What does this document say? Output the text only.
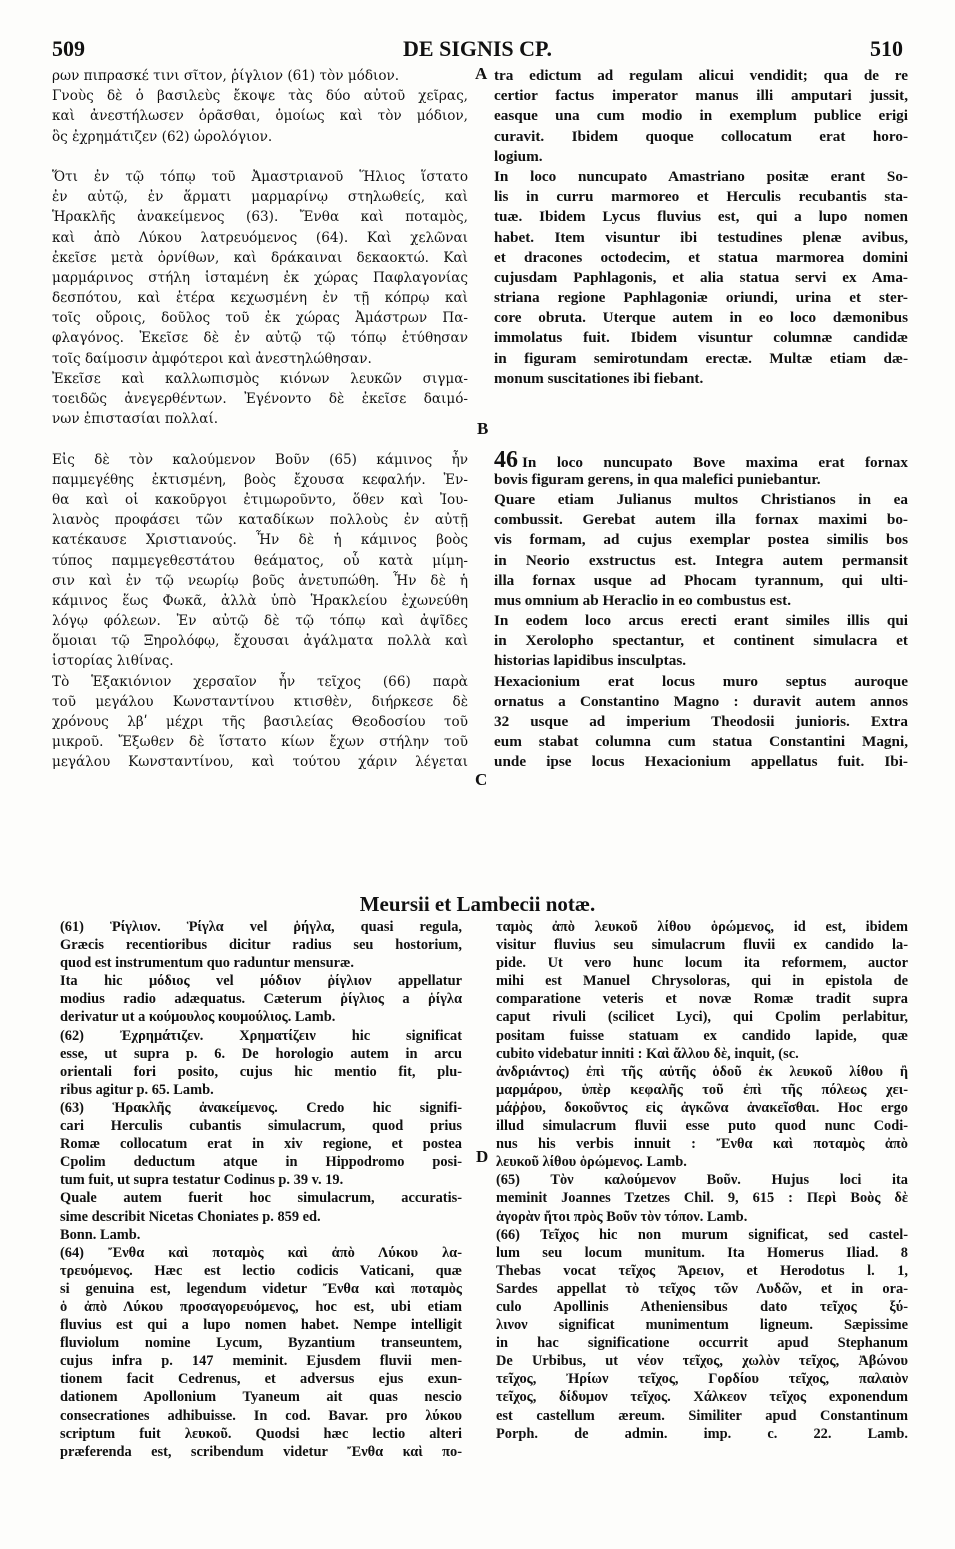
509	DE SIGNIS CP.	510
ρων πιπρασκέ τινι σῖτον, ῥίγλιον (61) τὸν μόδιον.
Γνοὺς δὲ ὁ βασιλεὺς ἔκοψε τὰς δύο αὐτοῦ χεῖρας,
καὶ ἀνεστήλωσεν ὁρᾶσθαι, ὁμοίως καὶ τὸν μόδιον,
ὃς ἐχρημάτιζεν (62) ὡρολόγιον.

Ὅτι ἐν τῷ τόπῳ τοῦ Ἀμαστριανοῦ Ἥλιος ἵστατο
ἐν αὐτῷ, ἐν ἅρματι μαρμαρίνῳ στηλωθείς, καὶ
Ἡρακλῆς ἀνακείμενος (63). Ἔνθα καὶ ποταμὸς,
καὶ ἀπὸ Λύκου λατρευόμενος (64). Καὶ χελῶναι
ἐκεῖσε μετὰ ὀρνίθων, καὶ δράκαιναι δεκαοκτώ. Καὶ
μαρμάρινος στήλη ἱσταμένη ἐκ χώρας Παφλαγονίας
δεσπότου, καὶ ἑτέρα κεχωσμένη ἐν τῇ κόπρῳ καὶ
τοῖς οὔροις, δοῦλος τοῦ ἐκ χώρας Ἀμάστρων Πα-
φλαγόνος. Ἐκεῖσε δὲ ἐν αὐτῷ τῷ τόπῳ ἐτύθησαν
τοῖς δαίμοσιν ἀμφότεροι καὶ ἀνεστηλώθησαν.
Ἐκεῖσε καὶ καλλωπισμὸς κιόνων λευκῶν σιγμα-
τοειδῶς ἀνεγερθέντων. Ἐγένοντο δὲ ἐκεῖσε δαιμό-
νων ἐπιστασίαι πολλαί.

Εἰς δὲ τὸν καλούμενον Βοῦν (65) κάμινος ἦν
παμμεγέθης ἐκτισμένη, βοὸς ἔχουσα κεφαλήν. Ἐν-
θα καὶ οἱ κακοῦργοι ἐτιμωροῦντο, ὅθεν καὶ Ἰου-
λιανὸς προφάσει τῶν καταδίκων πολλοὺς ἐν αὐτῇ
κατέκαυσε Χριστιανούς. Ἦν δὲ ἡ κάμινος βοὸς
τύπος παμμεγεθεστάτου θεάματος, οὗ κατὰ μίμη-
σιν καὶ ἐν τῷ νεωρίῳ βοῦς ἀνετυπώθη. Ἦν δὲ ἡ
κάμινος ἕως Φωκᾶ, ἀλλὰ ὑπὸ Ἡρακλείου ἐχωνεύθη
λόγῳ φόλεων. Ἐν αὐτῷ δὲ τῷ τόπῳ καὶ ἀψῖδες
ὅμοιαι τῷ Ξηρολόφῳ, ἔχουσαι ἀγάλματα πολλὰ καὶ
ἱστορίας λιθίνας.
Τὸ Ἑξακιόνιον χερσαῖον ἦν τεῖχος (66) παρὰ
τοῦ μεγάλου Κωνσταντίνου κτισθὲν, διήρκεσε δὲ
χρόνους λβʹ μέχρι τῆς βασιλείας Θεοδοσίου τοῦ
μικροῦ. Ἔξωθεν δὲ ἵστατο κίων ἔχων στήλην τοῦ
μεγάλου Κωνσταντίνου, καὶ τούτου χάριν λέγεται
tra edictum ad regulam alicui vendidit; qua de re
certior factus imperator manus illi amputari jussit,
easque una cum modio in exemplum publice erigi
curavit. Ibidem quoque collocatum erat horo-
logium.
In loco nuncupato Amastriano positæ erant So-
lis in curru marmoreo et Herculis recubantis sta-
tuæ. Ibidem Lycus fluvius est, qui a lupo nomen
habet. Item visuntur ibi testudines plenæ avibus,
et dracones octodecim, et statua marmorea domini
cujusdam Paphlagonis, et alia statua servi ex Ama-
striana regione Paphlagoniæ oriundi, urina et ster-
core obruta. Uterque autem in eo loco dæmonibus
immolatus fuit. Ibidem visuntur columnæ candidæ
in figuram semirotundam erectæ. Multæ etiam dæ-
monum suscitationes ibi fiebant.

46 In loco nuncupato Bove maxima erat fornax
bovis figuram gerens, in qua malefici puniebantur.
Quare etiam Julianus multos Christianos in ea
combussit. Gerebat autem illa fornax maximi bo-
vis formam, ad cujus exemplar postea similis bos
in Neorio exstructus est. Integra autem permansit
illa fornax usque ad Phocam tyrannum, qui ulti-
mus omnium ab Heraclio in eo combustus est.
In eodem loco arcus erecti erant similes illis qui
in Xerolopho spectantur, et continent simulacra et
historias lapidibus insculptas.
Hexacionium erat locus muro septus auroque
ornatus a Constantino Magno : duravit autem annos
32 usque ad imperium Theodosii junioris. Extra
eum stabat columna cum statua Constantini Magni,
unde ipse locus Hexacionium appellatus fuit. Ibi-
A
B
C
D
Meursii et Lambecii notæ.
(61) Ῥίγλιον. Ῥίγλα vel ῥήγλα, quasi regula,
Græcis recentioribus dicitur radius seu hostorium,
quod est instrumentum quo raduntur mensuræ.
Ita hic μόδιος vel μόδιον ῥίγλιον appellatur
modius radio adæquatus. Cæterum ῥίγλιος a ῥίγλα
derivatur ut a κούμουλος κουμούλιος. Lamb.
(62) Ἐχρημάτιζεν. Χρηματίζειν hic significat
esse, ut supra p. 6. De horologio autem in arcu
orientali fori posito, cujus hic mentio fit, plu-
ribus agitur p. 65. Lamb.
(63) Ἡρακλῆς ἀνακείμενος. Credo hic signifi-
cari Herculis cubantis simulacrum, quod prius
Romæ collocatum erat in xiv regione, et postea
Cpolim deductum atque in Hippodromo posi-
tum fuit, ut supra testatur Codinus p. 39 v. 19.
Quale autem fuerit hoc simulacrum, accuratis-
sime describit Nicetas Choniates p. 859 ed.
Bonn. Lamb.
(64) Ἔνθα καὶ ποταμὸς καὶ ἀπὸ Λύκου λα-
τρευόμενος. Hæc est lectio codicis Vaticani, quæ
si genuina est, legendum videtur Ἔνθα καὶ ποταμὸς
ὁ ἀπὸ Λύκου προσαγορευόμενος, hoc est, ubi etiam
fluvius est qui a lupo nomen habet. Nempe intelligit
fluviolum nomine Lycum, Byzantium transeuntem,
cujus infra p. 147 meminit. Ejusdem fluvii men-
tionem facit Cedrenus, et adversus ejus exun-
dationem Apollonium Tyaneum ait quas nescio
consecrationes adhibuisse. In cod. Bavar. pro λύκου
scriptum fuit λευκοῦ. Quodsi hæc lectio alteri
præferenda est, scribendum videtur Ἔνθα καὶ πο-
ταμὸς ἀπὸ λευκοῦ λίθου ὁρώμενος, id est, ibidem
visitur fluvius seu simulacrum fluvii ex candido la-
pide. Ut vero hunc locum ita reformem, auctor
mihi est Manuel Chrysoloras, qui in epistola de
comparatione veteris et novæ Romæ tradit supra
caput rivuli (scilicet Lyci), qui Cpolim perlabitur,
positam fuisse statuam ex candido lapide, quæ
cubito videbatur inniti : Καὶ ἄλλου δὲ, inquit, (sc.
ἀνδριάντος) ἐπὶ τῆς αὐτῆς ὁδοῦ ἐκ λευκοῦ λίθου ἢ
μαρμάρου, ὑπὲρ κεφαλῆς τοῦ ἐπὶ τῆς πόλεως χει-
μάῤῥου, δοκοῦντος εἰς ἀγκῶνα ἀνακεῖσθαι. Hoc ergo
illud simulacrum fluvii esse puto quod nunc Codi-
nus his verbis innuit : Ἔνθα καὶ ποταμὸς ἀπὸ
λευκοῦ λίθου ὁρώμενος. Lamb.
(65) Τὸν καλούμενον Βοῦν. Hujus loci ita
meminit Joannes Tzetzes Chil. 9, 615 : Περὶ Βοὸς δὲ
ἀγορὰν ἤτοι πρὸς Βοῦν τὸν τόπον. Lamb.
(66) Τεῖχος hic non murum significat, sed castel-
lum seu locum munitum. Ita Homerus Iliad. 8
Thebas vocat τεῖχος Ἄρειον, et Herodotus l. 1,
Sardes appellat τὸ τεῖχος τῶν Λυδῶν, et in ora-
culo Apollinis Atheniensibus dato τεῖχος ξύ-
λινον significat munimentum ligneum. Sæpissime
in hac significatione occurrit apud Stephanum
De Urbibus, ut νέον τεῖχος, χωλὸν τεῖχος, Ἀβώνου
τεῖχος, Ἠρίων τεῖχος, Γορδίου τεῖχος, παλαιὸν
τεῖχος, δίδυμον τεῖχος. Χάλκεον τεῖχος exponendum
est castellum æreum. Similiter apud Constantinum
Porph. de admin. imp. c. 22. Lamb.
